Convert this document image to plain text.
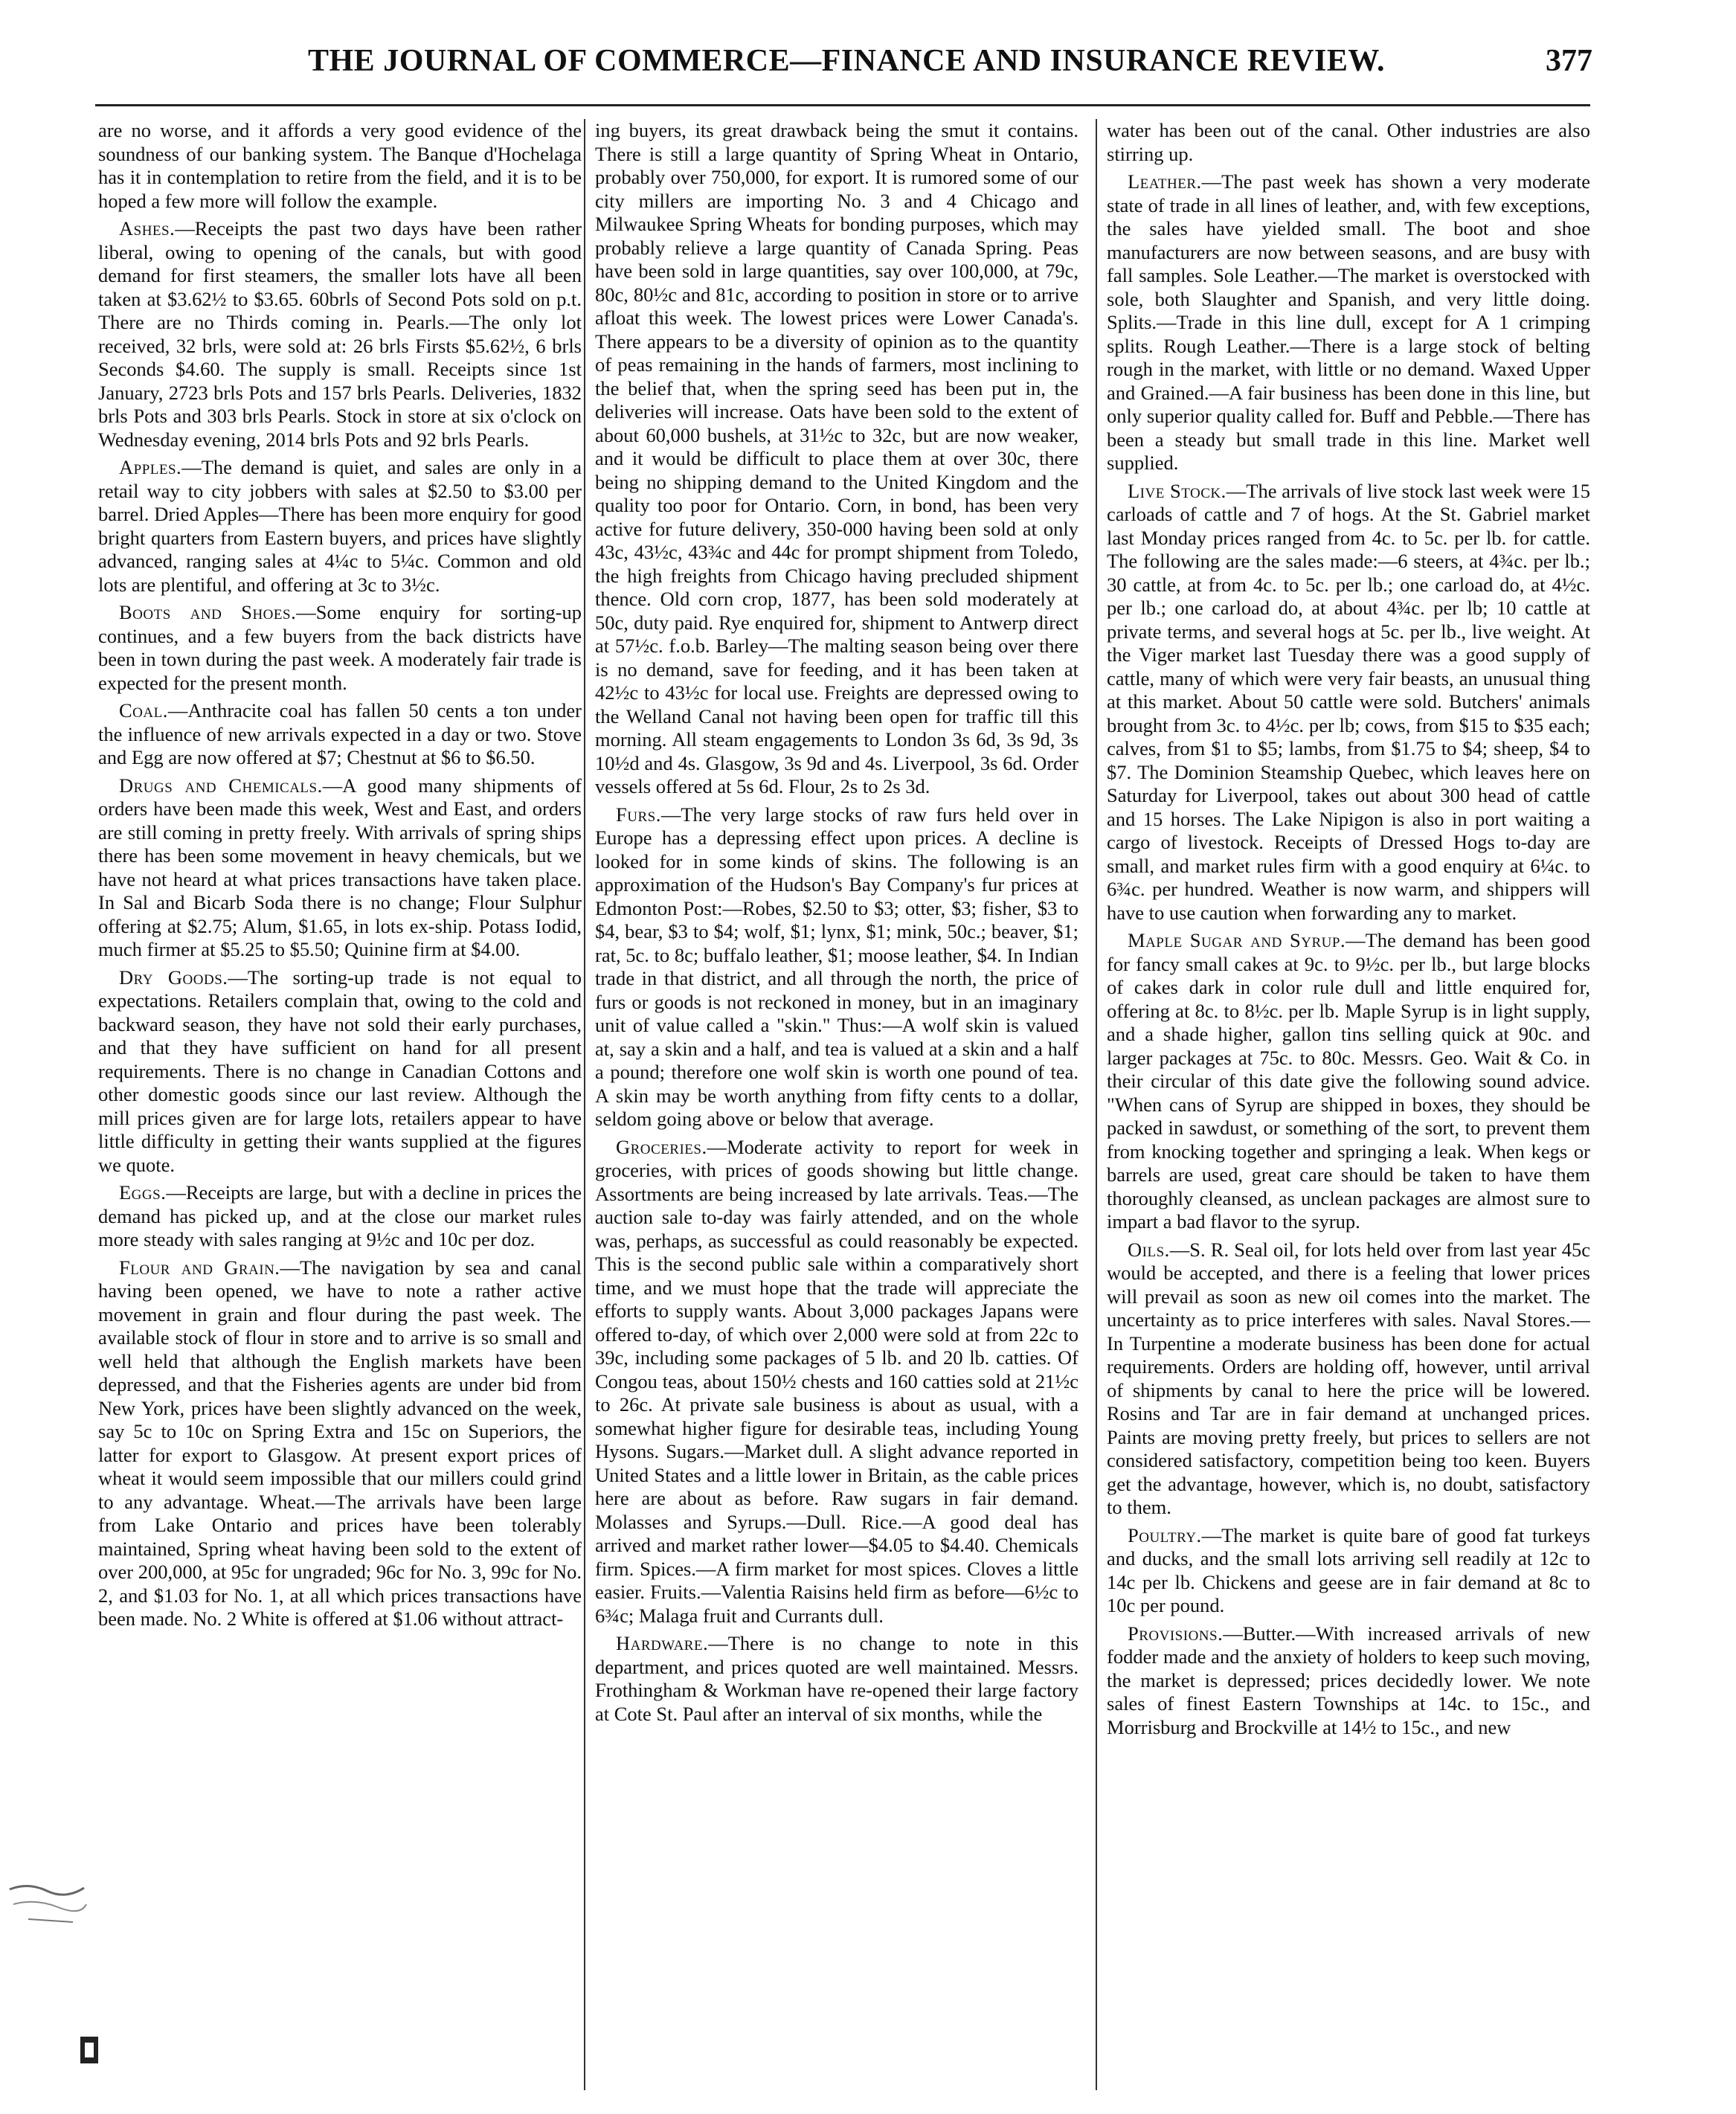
THE JOURNAL OF COMMERCE—FINANCE AND INSURANCE REVIEW.	377

are no worse, and it affords a very good evidence of the soundness of our banking system. The Banque d'Hochelaga has it in contemplation to retire from the field, and it is to be hoped a few more will follow the example.

Ashes.—Receipts the past two days have been rather liberal, owing to opening of the canals, but with good demand for first steamers, the smaller lots have all been taken at $3.62½ to $3.65. 60brls of Second Pots sold on p.t. There are no Thirds coming in. Pearls.—The only lot received, 32 brls, were sold at: 26 brls Firsts $5.62½, 6 brls Seconds $4.60. The supply is small. Receipts since 1st January, 2723 brls Pots and 157 brls Pearls. Deliveries, 1832 brls Pots and 303 brls Pearls. Stock in store at six o'clock on Wednesday evening, 2014 brls Pots and 92 brls Pearls.

Apples.—The demand is quiet, and sales are only in a retail way to city jobbers with sales at $2.50 to $3.00 per barrel. Dried Apples—There has been more enquiry for good bright quarters from Eastern buyers, and prices have slightly advanced, ranging sales at 4¼c to 5¼c. Common and old lots are plentiful, and offering at 3c to 3½c.

Boots and Shoes.—Some enquiry for sorting-up continues, and a few buyers from the back districts have been in town during the past week. A moderately fair trade is expected for the present month.

Coal.—Anthracite coal has fallen 50 cents a ton under the influence of new arrivals expected in a day or two. Stove and Egg are now offered at $7; Chestnut at $6 to $6.50.

Drugs and Chemicals.—A good many shipments of orders have been made this week, West and East, and orders are still coming in pretty freely. With arrivals of spring ships there has been some movement in heavy chemicals, but we have not heard at what prices transactions have taken place. In Sal and Bicarb Soda there is no change; Flour Sulphur offering at $2.75; Alum, $1.65, in lots ex-ship. Potass Iodid, much firmer at $5.25 to $5.50; Quinine firm at $4.00.

Dry Goods.—The sorting-up trade is not equal to expectations. Retailers complain that, owing to the cold and backward season, they have not sold their early purchases, and that they have sufficient on hand for all present requirements. There is no change in Canadian Cottons and other domestic goods since our last review. Although the mill prices given are for large lots, retailers appear to have little difficulty in getting their wants supplied at the figures we quote.

Eggs.—Receipts are large, but with a decline in prices the demand has picked up, and at the close our market rules more steady with sales ranging at 9½c and 10c per doz.

Flour and Grain.—The navigation by sea and canal having been opened, we have to note a rather active movement in grain and flour during the past week. The available stock of flour in store and to arrive is so small and well held that although the English markets have been depressed, and that the Fisheries agents are under bid from New York, prices have been slightly advanced on the week, say 5c to 10c on Spring Extra and 15c on Superiors, the latter for export to Glasgow. At present export prices of wheat it would seem impossible that our millers could grind to any advantage. Wheat.—The arrivals have been large from Lake Ontario and prices have been tolerably maintained, Spring wheat having been sold to the extent of over 200,000, at 95c for ungraded; 96c for No. 3, 99c for No. 2, and $1.03 for No. 1, at all which prices transactions have been made. No. 2 White is offered at $1.06 without attract-

ing buyers, its great drawback being the smut it contains. There is still a large quantity of Spring Wheat in Ontario, probably over 750,000, for export. It is rumored some of our city millers are importing No. 3 and 4 Chicago and Milwaukee Spring Wheats for bonding purposes, which may probably relieve a large quantity of Canada Spring. Peas have been sold in large quantities, say over 100,000, at 79c, 80c, 80½c and 81c, according to position in store or to arrive afloat this week. The lowest prices were Lower Canada's. There appears to be a diversity of opinion as to the quantity of peas remaining in the hands of farmers, most inclining to the belief that, when the spring seed has been put in, the deliveries will increase. Oats have been sold to the extent of about 60,000 bushels, at 31½c to 32c, but are now weaker, and it would be difficult to place them at over 30c, there being no shipping demand to the United Kingdom and the quality too poor for Ontario. Corn, in bond, has been very active for future delivery, 350-000 having been sold at only 43c, 43½c, 43¾c and 44c for prompt shipment from Toledo, the high freights from Chicago having precluded shipment thence. Old corn crop, 1877, has been sold moderately at 50c, duty paid. Rye enquired for, shipment to Antwerp direct at 57½c. f.o.b. Barley—The malting season being over there is no demand, save for feeding, and it has been taken at 42½c to 43½c for local use. Freights are depressed owing to the Welland Canal not having been open for traffic till this morning. All steam engagements to London 3s 6d, 3s 9d, 3s 10½d and 4s. Glasgow, 3s 9d and 4s. Liverpool, 3s 6d. Order vessels offered at 5s 6d. Flour, 2s to 2s 3d.

Furs.—The very large stocks of raw furs held over in Europe has a depressing effect upon prices. A decline is looked for in some kinds of skins. The following is an approximation of the Hudson's Bay Company's fur prices at Edmonton Post:—Robes, $2.50 to $3; otter, $3; fisher, $3 to $4, bear, $3 to $4; wolf, $1; lynx, $1; mink, 50c.; beaver, $1; rat, 5c. to 8c; buffalo leather, $1; moose leather, $4. In Indian trade in that district, and all through the north, the price of furs or goods is not reckoned in money, but in an imaginary unit of value called a "skin." Thus:—A wolf skin is valued at, say a skin and a half, and tea is valued at a skin and a half a pound; therefore one wolf skin is worth one pound of tea. A skin may be worth anything from fifty cents to a dollar, seldom going above or below that average.

Groceries.—Moderate activity to report for week in groceries, with prices of goods showing but little change. Assortments are being increased by late arrivals. Teas.—The auction sale to-day was fairly attended, and on the whole was, perhaps, as successful as could reasonably be expected. This is the second public sale within a comparatively short time, and we must hope that the trade will appreciate the efforts to supply wants. About 3,000 packages Japans were offered to-day, of which over 2,000 were sold at from 22c to 39c, including some packages of 5 lb. and 20 lb. catties. Of Congou teas, about 150½ chests and 160 catties sold at 21½c to 26c. At private sale business is about as usual, with a somewhat higher figure for desirable teas, including Young Hysons. Sugars.—Market dull. A slight advance reported in United States and a little lower in Britain, as the cable prices here are about as before. Raw sugars in fair demand. Molasses and Syrups.—Dull. Rice.—A good deal has arrived and market rather lower—$4.05 to $4.40. Chemicals firm. Spices.—A firm market for most spices. Cloves a little easier. Fruits.—Valentia Raisins held firm as before—6½c to 6¾c; Malaga fruit and Currants dull.

Hardware.—There is no change to note in this department, and prices quoted are well maintained. Messrs. Frothingham & Workman have re-opened their large factory at Cote St. Paul after an interval of six months, while the

water has been out of the canal. Other industries are also stirring up.

Leather.—The past week has shown a very moderate state of trade in all lines of leather, and, with few exceptions, the sales have yielded small. The boot and shoe manufacturers are now between seasons, and are busy with fall samples. Sole Leather.—The market is overstocked with sole, both Slaughter and Spanish, and very little doing. Splits.—Trade in this line dull, except for A 1 crimping splits. Rough Leather.—There is a large stock of belting rough in the market, with little or no demand. Waxed Upper and Grained.—A fair business has been done in this line, but only superior quality called for. Buff and Pebble.—There has been a steady but small trade in this line. Market well supplied.

Live Stock.—The arrivals of live stock last week were 15 carloads of cattle and 7 of hogs. At the St. Gabriel market last Monday prices ranged from 4c. to 5c. per lb. for cattle. The following are the sales made:—6 steers, at 4¾c. per lb.; 30 cattle, at from 4c. to 5c. per lb.; one carload do, at 4½c. per lb.; one carload do, at about 4¾c. per lb; 10 cattle at private terms, and several hogs at 5c. per lb., live weight. At the Viger market last Tuesday there was a good supply of cattle, many of which were very fair beasts, an unusual thing at this market. About 50 cattle were sold. Butchers' animals brought from 3c. to 4½c. per lb; cows, from $15 to $35 each; calves, from $1 to $5; lambs, from $1.75 to $4; sheep, $4 to $7. The Dominion Steamship Quebec, which leaves here on Saturday for Liverpool, takes out about 300 head of cattle and 15 horses. The Lake Nipigon is also in port waiting a cargo of livestock. Receipts of Dressed Hogs to-day are small, and market rules firm with a good enquiry at 6¼c. to 6¾c. per hundred. Weather is now warm, and shippers will have to use caution when forwarding any to market.

Maple Sugar and Syrup.—The demand has been good for fancy small cakes at 9c. to 9½c. per lb., but large blocks of cakes dark in color rule dull and little enquired for, offering at 8c. to 8½c. per lb. Maple Syrup is in light supply, and a shade higher, gallon tins selling quick at 90c. and larger packages at 75c. to 80c. Messrs. Geo. Wait & Co. in their circular of this date give the following sound advice. "When cans of Syrup are shipped in boxes, they should be packed in sawdust, or something of the sort, to prevent them from knocking together and springing a leak. When kegs or barrels are used, great care should be taken to have them thoroughly cleansed, as unclean packages are almost sure to impart a bad flavor to the syrup.

Oils.—S. R. Seal oil, for lots held over from last year 45c would be accepted, and there is a feeling that lower prices will prevail as soon as new oil comes into the market. The uncertainty as to price interferes with sales. Naval Stores.—In Turpentine a moderate business has been done for actual requirements. Orders are holding off, however, until arrival of shipments by canal to here the price will be lowered. Rosins and Tar are in fair demand at unchanged prices. Paints are moving pretty freely, but prices to sellers are not considered satisfactory, competition being too keen. Buyers get the advantage, however, which is, no doubt, satisfactory to them.

Poultry.—The market is quite bare of good fat turkeys and ducks, and the small lots arriving sell readily at 12c to 14c per lb. Chickens and geese are in fair demand at 8c to 10c per pound.

Provisions.—Butter.—With increased arrivals of new fodder made and the anxiety of holders to keep such moving, the market is depressed; prices decidedly lower. We note sales of finest Eastern Townships at 14c. to 15c., and Morrisburg and Brockville at 14½ to 15c., and new
